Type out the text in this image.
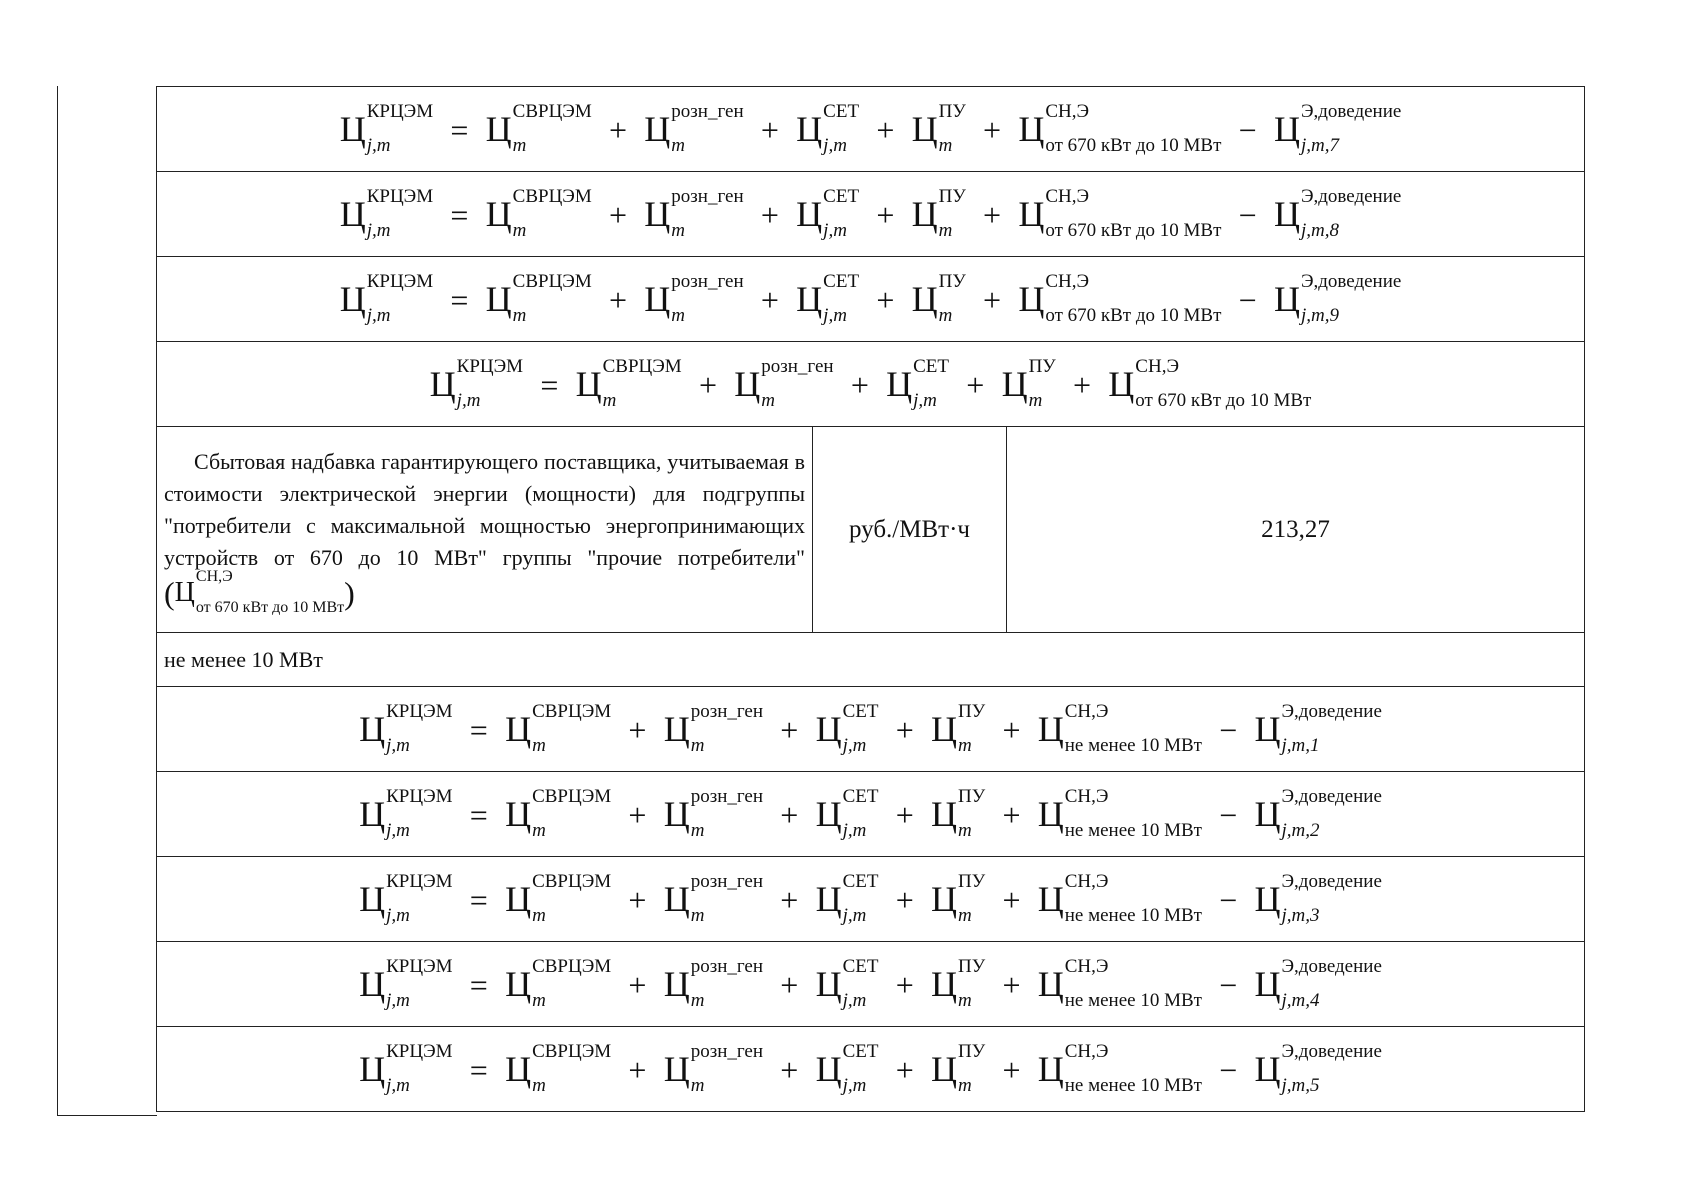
Ц КРЦЭМ
j,m	= Ц СВРЦЭМ
m	+ Ц розн_ген
m	+ Ц СЕТ
j,m + Ц ПУ
m + Ц СН,Э
от 670 кВт до 10 МВт − Ц Э,доведение
j,m,7

Ц КРЦЭМ
j,m	= Ц СВРЦЭМ
m	+ Ц розн_ген
m	+ Ц СЕТ
j,m + Ц ПУ
m + Ц СН,Э
от 670 кВт до 10 МВт − Ц Э,доведение
j,m,8

Ц КРЦЭМ
j,m	= Ц СВРЦЭМ
m	+ Ц розн_ген
m	+ Ц СЕТ
j,m + Ц ПУ
m + Ц СН,Э
от 670 кВт до 10 МВт − Ц Э,доведение
j,m,9

Ц КРЦЭМ
j,m	= Ц СВРЦЭМ
m	+ Ц розн_ген
m	+ Ц СЕТ
j,m + Ц ПУ
m + Ц СН,Э
от 670 кВт до 10 МВт

Сбытовая надбавка гарантирующего поставщика, учитываемая в стоимости электрической энергии (мощности) для подгруппы "потребители с максимальной мощностью энергопринимающих устройств от 670 до 10 МВт" группы "прочие потребители"
( Ц
СН,Э
от 670 кВт до 10 МВт )
	руб./МВт·ч	213,27
не менее 10 МВт

Ц КРЦЭМ
j,m	= Ц СВРЦЭМ
m	+ Ц розн_ген
m	+ Ц СЕТ
j,m + Ц ПУ
m + Ц СН,Э
не менее 10 МВт − Ц Э,доведение
j,m,1

Ц КРЦЭМ
j,m	= Ц СВРЦЭМ
m	+ Ц розн_ген
m	+ Ц СЕТ
j,m + Ц ПУ
m + Ц СН,Э
не менее 10 МВт − Ц Э,доведение
j,m,2

Ц КРЦЭМ
j,m	= Ц СВРЦЭМ
m	+ Ц розн_ген
m	+ Ц СЕТ
j,m + Ц ПУ
m + Ц СН,Э
не менее 10 МВт − Ц Э,доведение
j,m,3

Ц КРЦЭМ
j,m	= Ц СВРЦЭМ
m	+ Ц розн_ген
m	+ Ц СЕТ
j,m + Ц ПУ
m + Ц СН,Э
не менее 10 МВт − Ц Э,доведение
j,m,4

Ц КРЦЭМ
j,m	= Ц СВРЦЭМ
m	+ Ц розн_ген
m	+ Ц СЕТ
j,m + Ц ПУ
m + Ц СН,Э
не менее 10 МВт − Ц Э,доведение
j,m,5
